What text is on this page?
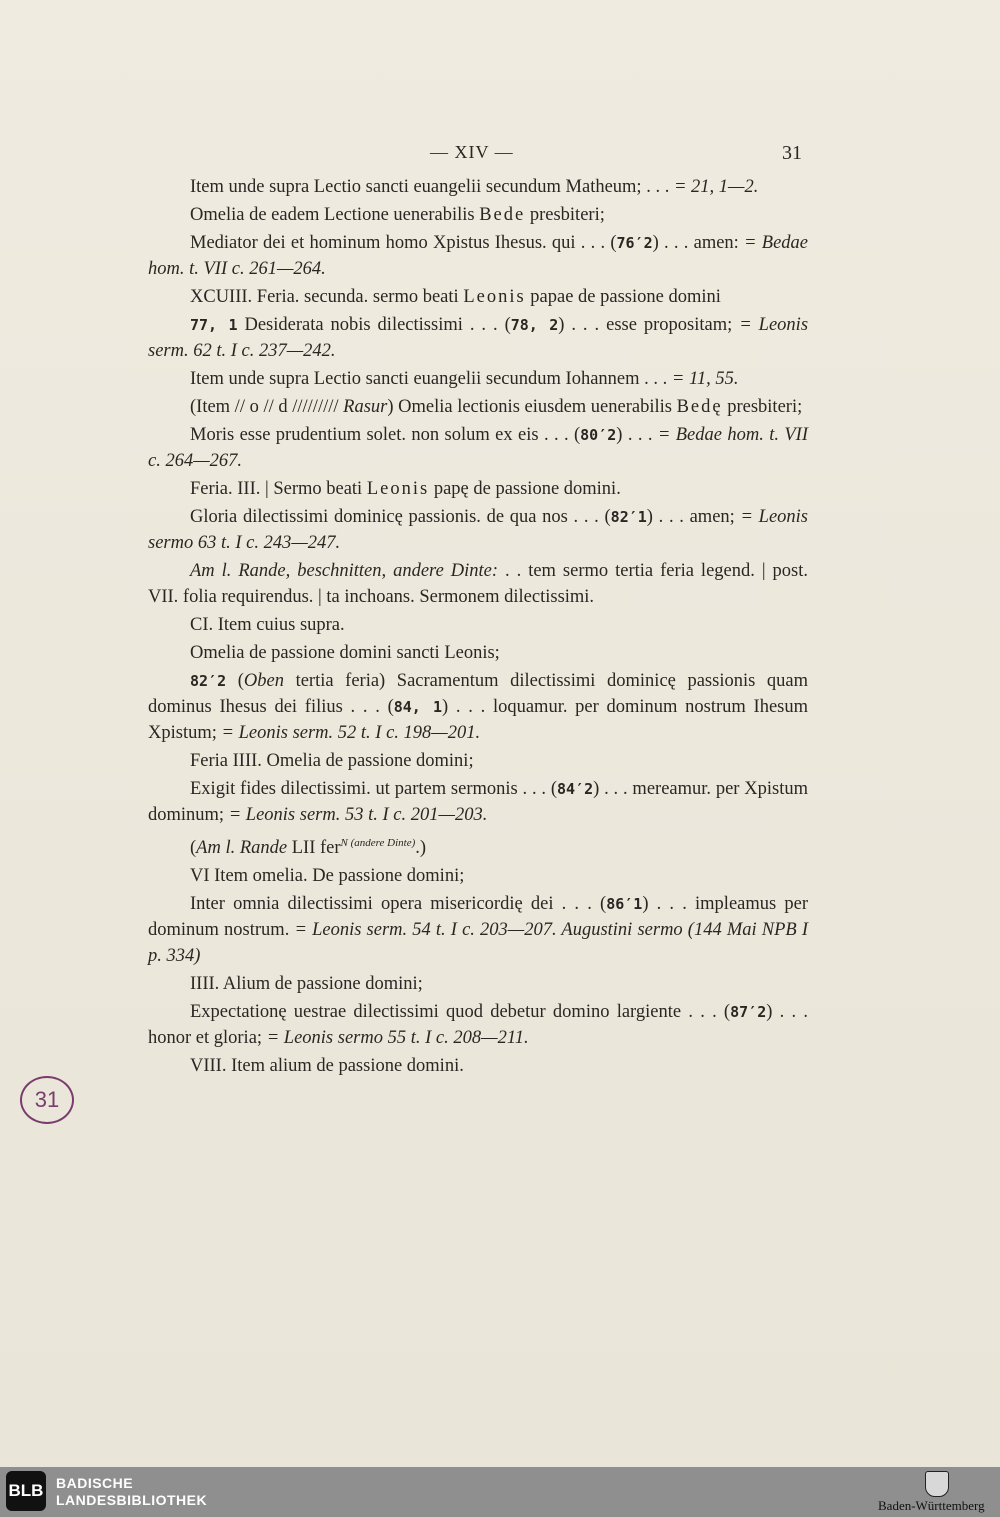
— XIV —	31

Item unde supra Lectio sancti euangelii secundum Matheum; . . . = 21, 1—2.

Omelia de eadem Lectione uenerabilis Bede presbiteri;

Mediator dei et hominum homo Χpistus Ihesus. qui . . . (76′2) . . . amen: = Bedae hom. t. VII c. 261—264.

XCUIII. Feria. secunda. sermo beati Leonis papae de passione domini

77, 1 Desiderata nobis dilectissimi . . . (78, 2) . . . esse propositam; = Leonis serm. 62 t. I c. 237—242.

Item unde supra Lectio sancti euangelii secundum Iohannem . . . = 11, 55.

(Item // o // d ///////// Rasur) Omelia lectionis eiusdem uenerabilis Bedę presbiteri;

Moris esse prudentium solet. non solum ex eis . . . (80′2) . . . = Bedae hom. t. VII c. 264—267.

Feria. III. | Sermo beati Leonis papę de passione domini.

Gloria dilectissimi dominicę passionis. de qua nos . . . (82′1) . . . amen; = Leonis sermo 63 t. I c. 243—247.

Am l. Rande, beschnitten, andere Dinte: . . tem sermo tertia feria legend. | post. VII. folia requirendus. | ta inchoans. Sermonem dilectissimi.

CI. Item cuius supra.

Omelia de passione domini sancti Leonis;

82′2 (Oben tertia feria) Sacramentum dilectissimi dominicę passionis quam dominus Ihesus dei filius . . . (84, 1) . . . loquamur. per dominum nostrum Ihesum Χpistum; = Leonis serm. 52 t. I c. 198—201.

Feria IIII. Omelia de passione domini;

Exigit fides dilectissimi. ut partem sermonis . . . (84′2) . . . mereamur. per Χpistum dominum; = Leonis serm. 53 t. I c. 201—203.

(Am l. Rande LII fer$^{N (andere Dinte)}$.)

VI Item omelia. De passione domini;

Inter omnia dilectissimi opera misericordię dei . . . (86′1) . . . impleamus per dominum nostrum. = Leonis serm. 54 t. I c. 203—207. Augustini sermo (144 Mai NPB I p. 334)

IIII. Alium de passione domini;

Expectationę uestrae dilectissimi quod debetur domino largiente . . . (87′2) . . . honor et gloria; = Leonis sermo 55 t. I c. 208—211.

VIII. Item alium de passione domini.

31
BLB BADISCHE
LANDESBIBLIOTHEK	Baden-Württemberg
